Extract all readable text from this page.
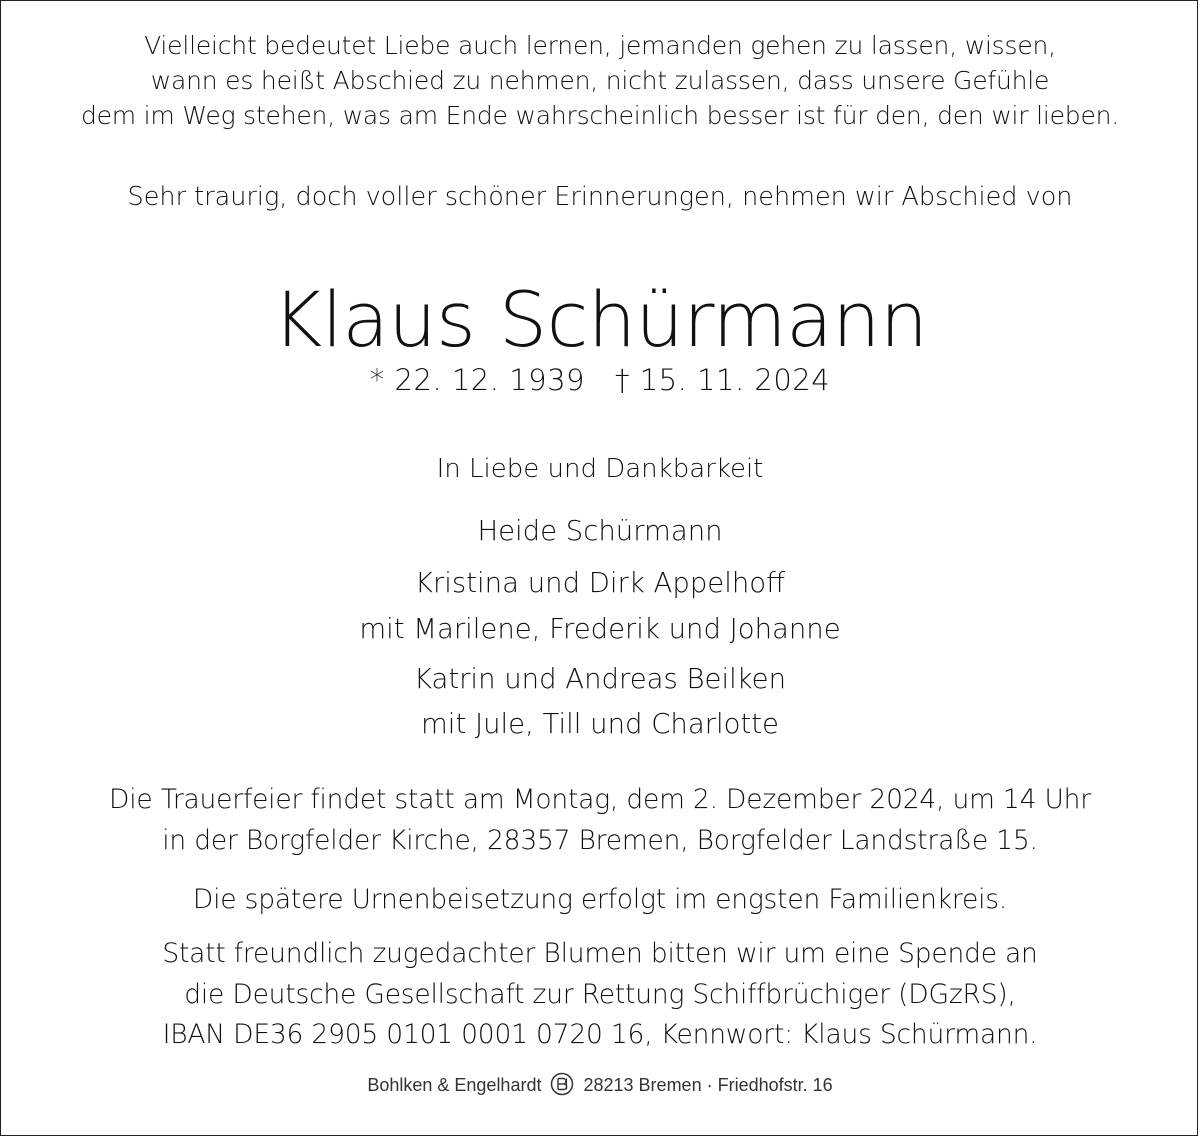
Vielleicht bedeutet Liebe auch lernen, jemanden gehen zu lassen, wissen,
wann es heißt Abschied zu nehmen, nicht zulassen, dass unsere Gefühle
dem im Weg stehen, was am Ende wahrscheinlich besser ist für den, den wir lieben.
Sehr traurig, doch voller schöner Erinnerungen, nehmen wir Abschied von
Klaus Schürmann
* 22. 12. 1939 † 15. 11. 2024
In Liebe und Dankbarkeit
Heide Schürmann
Kristina und Dirk Appelhoff
mit Marilene, Frederik und Johanne
Katrin und Andreas Beilken
mit Jule, Till und Charlotte
Die Trauerfeier findet statt am Montag, dem 2. Dezember 2024, um 14 Uhr
in der Borgfelder Kirche, 28357 Bremen, Borgfelder Landstraße 15.
Die spätere Urnenbeisetzung erfolgt im engsten Familienkreis.
Statt freundlich zugedachter Blumen bitten wir um eine Spende an
die Deutsche Gesellschaft zur Rettung Schiffbrüchiger (DGzRS),
IBAN DE36 2905 0101 0001 0720 16, Kennwort: Klaus Schürmann.
Bohlken & Engelhardt 28213 Bremen · Friedhofstr. 16
